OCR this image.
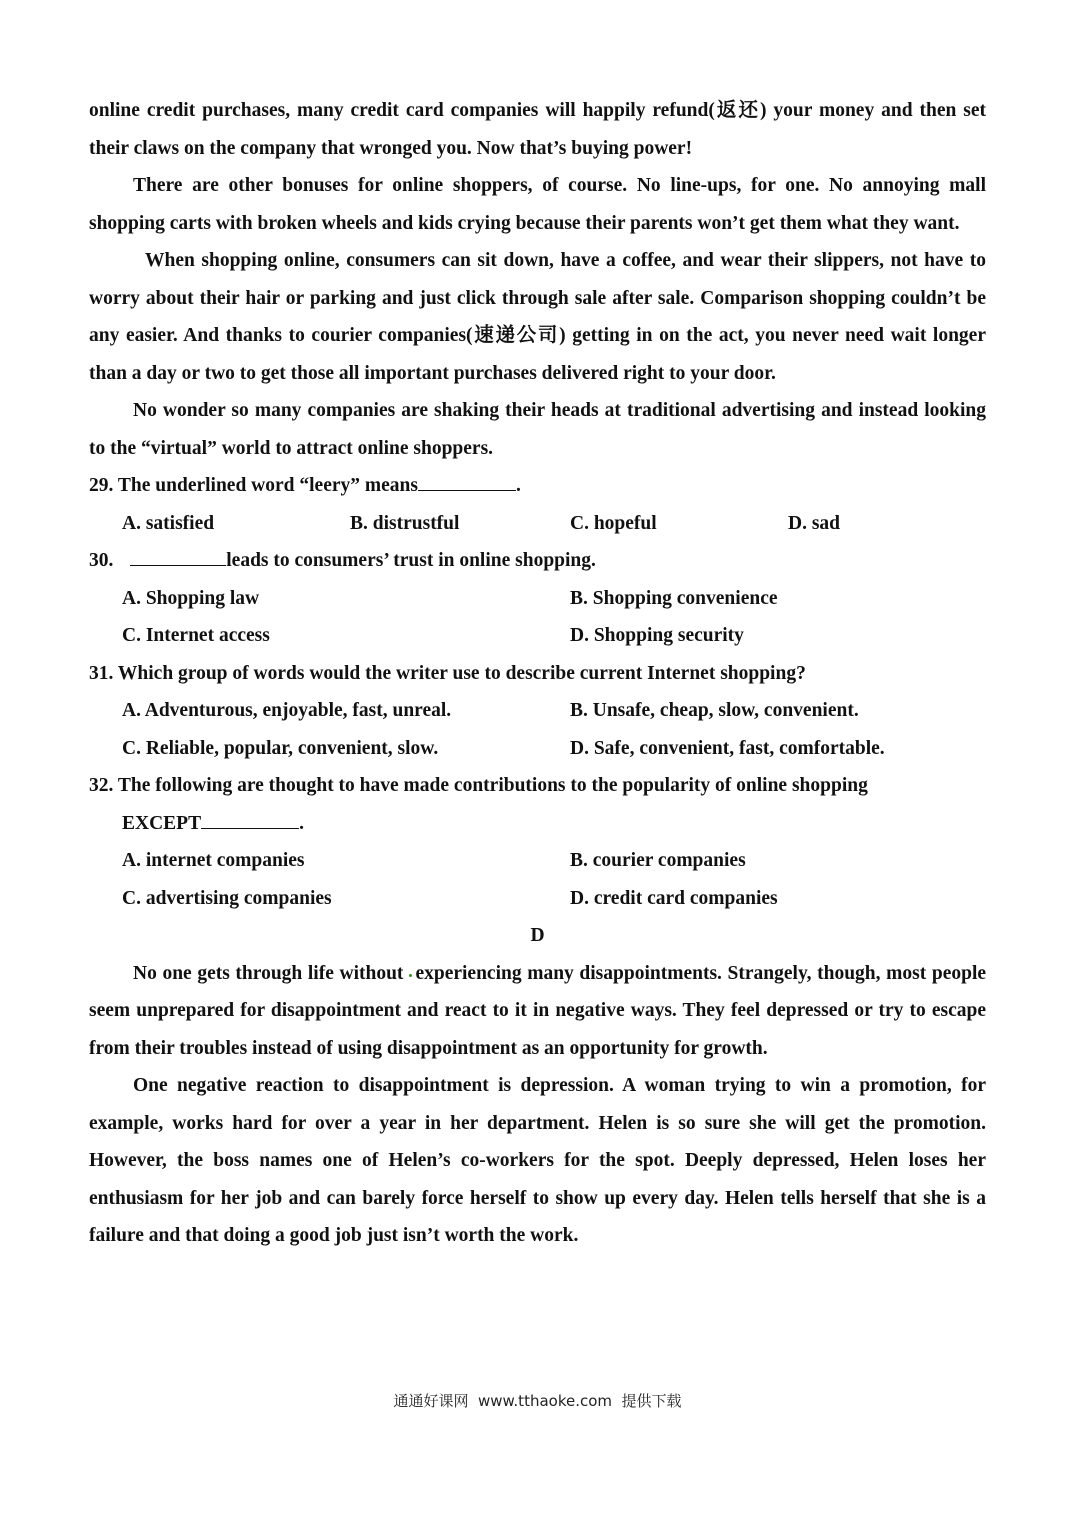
online credit purchases, many credit card companies will happily refund(返还) your money and then set their claws on the company that wronged you. Now that’s buying power!

There are other bonuses for online shoppers, of course. No line-ups, for one. No annoying mall shopping carts with broken wheels and kids crying because their parents won’t get them what they want.

When shopping online, consumers can sit down, have a coffee, and wear their slippers, not have to worry about their hair or parking and just click through sale after sale. Comparison shopping couldn’t be any easier. And thanks to courier companies(速递公司) getting in on the act, you never need wait longer than a day or two to get those all important purchases delivered right to your door.

No wonder so many companies are shaking their heads at traditional advertising and instead looking to the “virtual” world to attract online shoppers.

29. The underlined word “leery” means	.

A. satisfied	B. distrustful	C. hopeful	D. sad

30.	leads to consumers’ trust in online shopping.

A. Shopping law	B. Shopping convenience
C. Internet access	D. Shopping security

31. Which group of words would the writer use to describe current Internet shopping?

A. Adventurous, enjoyable, fast, unreal.	B. Unsafe, cheap, slow, convenient.
C. Reliable, popular, convenient, slow.	D. Safe, convenient, fast, comfortable.

32. The following are thought to have made contributions to the popularity of online shopping

EXCEPT	.

A. internet companies	B. courier companies
C. advertising companies	D. credit card companies

D

No one gets through life without experiencing many disappointments. Strangely, though, most people seem unprepared for disappointment and react to it in negative ways. They feel depressed or try to escape from their troubles instead of using disappointment as an opportunity for growth.

One negative reaction to disappointment is depression. A woman trying to win a promotion, for example, works hard for over a year in her department. Helen is so sure she will get the promotion. However, the boss names one of Helen’s co-workers for the spot. Deeply depressed, Helen loses her enthusiasm for her job and can barely force herself to show up every day. Helen tells herself that she is a failure and that doing a good job just isn’t worth the work.

通通好课网  www.tthaoke.com  提供下载
